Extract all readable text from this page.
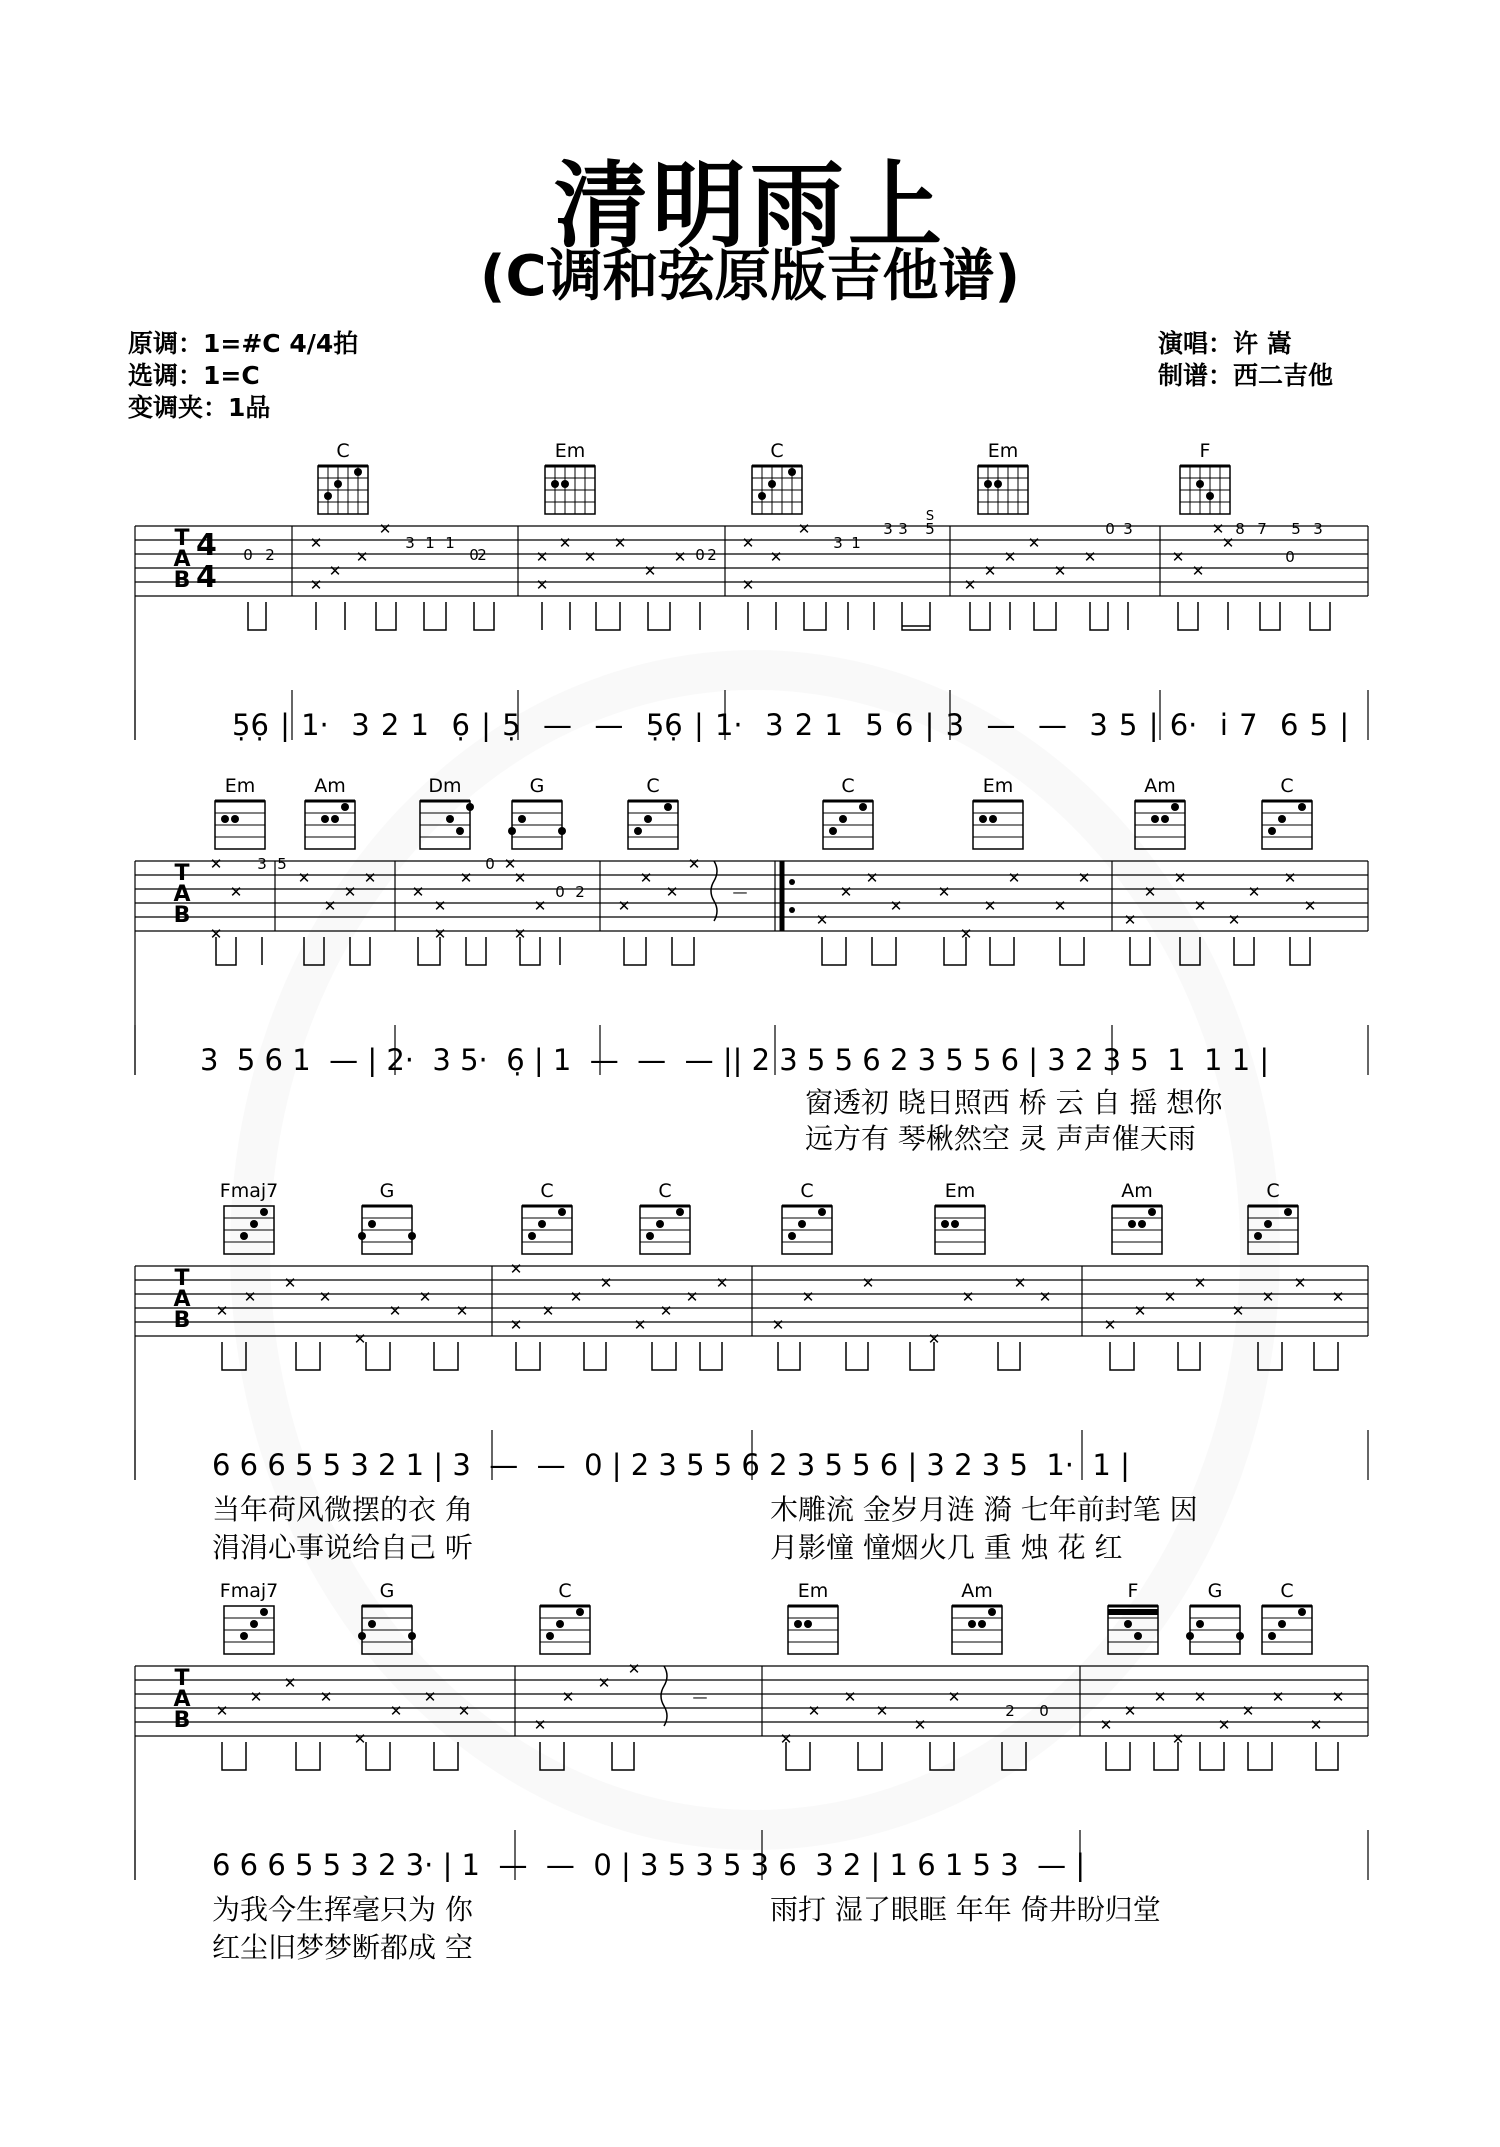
清明雨上
(C调和弦原版吉他谱)
原调：1=#C 4/4拍
选调：1=C
变调夹：1品
演唱：许 嵩
制谱：西二吉他
0 2
✕
✕
✕
✕
✕
3 1 1
0
2	✕
✕
✕
✕
✕
✕
✕ 0 2
✕
✕
✕
✕
3 1
3 3 5
S
✕
✕
✕
✕
✕
✕
0 3
✕
✕
✕ 8 7 5 3
0
✕
C	Em	C	Em	F
T
A
B
4
4
5̣6̣ | 1·  3 2 1  6̣ | 5̣  —  —  5̣6̣ | 1·  3 2 1  5 6 | 3  —  —  3 5 | 6·  i 7  6 5 |
✕
✕
3 5
✕
✕
✕
✕
✕
✕
✕
✕
0 ✕
✕
✕
✕
0 2
✕
✕
✕
✕
✕
—
✕
✕
✕
✕
✕
✕
✕
✕
✕
✕
✕
✕
✕
✕
✕
✕
✕
✕
Em	Am	Dm	G	C	C	Em	Am	C
T
A
B
3  5 6 1  — | 2·  3 5·  6̣ | 1  —  —  — || 2 3 5 5 6 2 3 5 5 6 | 3 2 3 5  1  1 1 |
窗透初 晓日照西 桥 云 自 摇 想你
远方有 琴楸然空 灵 声声催天雨
✕
✕
✕
✕
✕
✕
✕
✕
✕
✕
✕
✕
✕
✕
✕
✕
✕
✕
✕
✕
✕
✕
✕
✕
✕
✕
✕
✕
✕
✕
✕
✕
Fmaj7	G	C	C	C	Em	Am	C
T
A
B
6 6 6 5 5 3 2 1 | 3  —  —  0 | 2 3 5 5 6 2 3 5 5 6 | 3 2 3 5  1·  1 |
当年荷风微摆的衣 角
涓涓心事说给自己 听
木雕流 金岁月涟 漪 七年前封笔 因
月影憧 憧烟火几 重 烛 花 红
✕
✕
✕
✕
✕
✕
✕
✕
✕
✕
✕
✕
—
✕
✕
✕
✕
✕
✕
2 0
✕
✕
✕
✕
✕
✕
✕
✕
✕
✕
Fmaj7	G	C	Em	Am	F	G	C
T
A
B
6 6 6 5 5 3 2 3· | 1  —  —  0 | 3 5 3 5 3 6  3 2 | 1 6 1 5 3  — |
为我今生挥毫只为 你
红尘旧梦梦断都成 空
雨打 湿了眼眶 年年 倚井盼归堂
